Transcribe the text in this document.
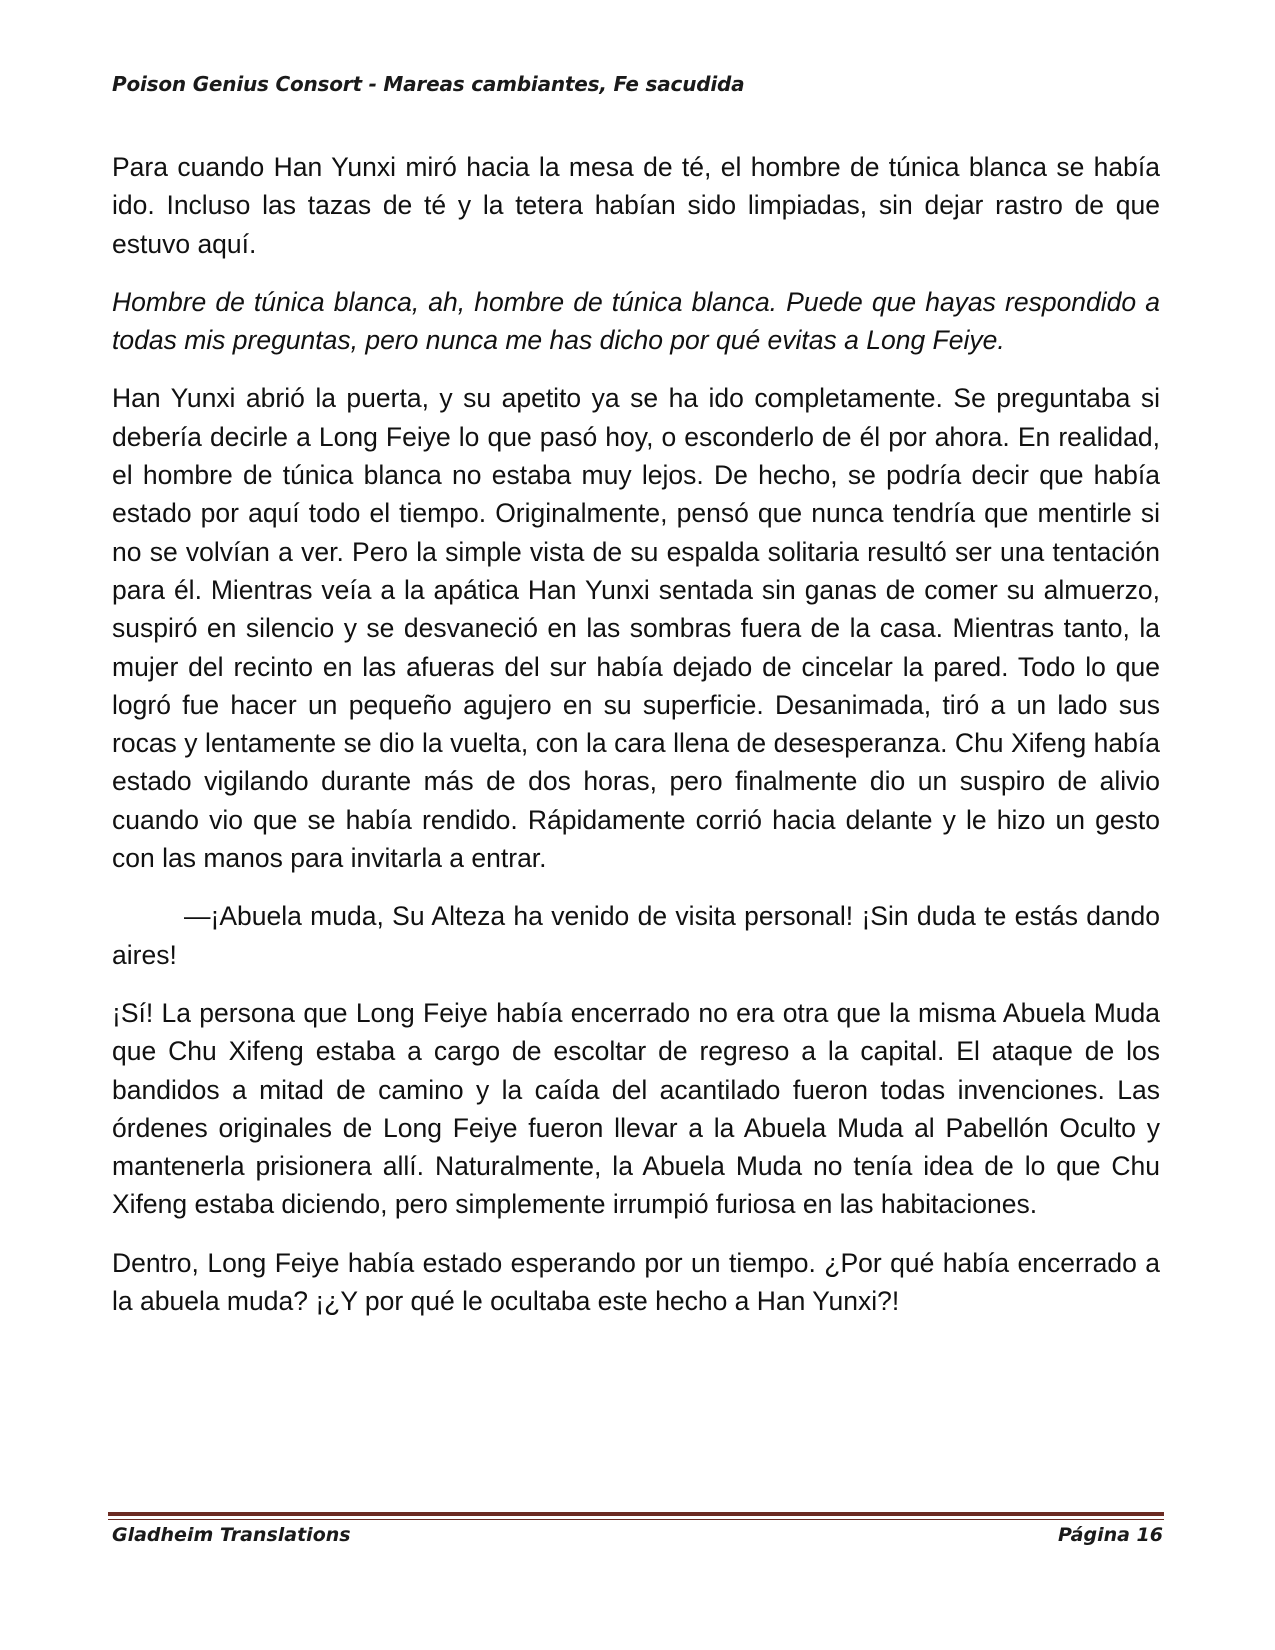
Poison Genius Consort - Mareas cambiantes, Fe sacudida

Para cuando Han Yunxi miró hacia la mesa de té, el hombre de túnica blanca se había ido. Incluso las tazas de té y la tetera habían sido limpiadas, sin dejar rastro de que estuvo aquí.

Hombre de túnica blanca, ah, hombre de túnica blanca. Puede que hayas respondido a todas mis preguntas, pero nunca me has dicho por qué evitas a Long Feiye.

Han Yunxi abrió la puerta, y su apetito ya se ha ido completamente. Se preguntaba si debería decirle a Long Feiye lo que pasó hoy, o esconderlo de él por ahora. En realidad, el hombre de túnica blanca no estaba muy lejos. De hecho, se podría decir que había estado por aquí todo el tiempo. Originalmente, pensó que nunca tendría que mentirle si no se volvían a ver. Pero la simple vista de su espalda solitaria resultó ser una tentación para él. Mientras veía a la apática Han Yunxi sentada sin ganas de comer su almuerzo, suspiró en silencio y se desvaneció en las sombras fuera de la casa. Mientras tanto, la mujer del recinto en las afueras del sur había dejado de cincelar la pared. Todo lo que logró fue hacer un pequeño agujero en su superficie. Desanimada, tiró a un lado sus rocas y lentamente se dio la vuelta, con la cara llena de desesperanza. Chu Xifeng había estado vigilando durante más de dos horas, pero finalmente dio un suspiro de alivio cuando vio que se había rendido. Rápidamente corrió hacia delante y le hizo un gesto con las manos para invitarla a entrar.

—¡Abuela muda, Su Alteza ha venido de visita personal! ¡Sin duda te estás dando aires!

¡Sí! La persona que Long Feiye había encerrado no era otra que la misma Abuela Muda que Chu Xifeng estaba a cargo de escoltar de regreso a la capital. El ataque de los bandidos a mitad de camino y la caída del acantilado fueron todas invenciones. Las órdenes originales de Long Feiye fueron llevar a la Abuela Muda al Pabellón Oculto y mantenerla prisionera allí. Naturalmente, la Abuela Muda no tenía idea de lo que Chu Xifeng estaba diciendo, pero simplemente irrumpió furiosa en las habitaciones.

Dentro, Long Feiye había estado esperando por un tiempo. ¿Por qué había encerrado a la abuela muda? ¡¿Y por qué le ocultaba este hecho a Han Yunxi?!

Gladheim Translations	Página 16
